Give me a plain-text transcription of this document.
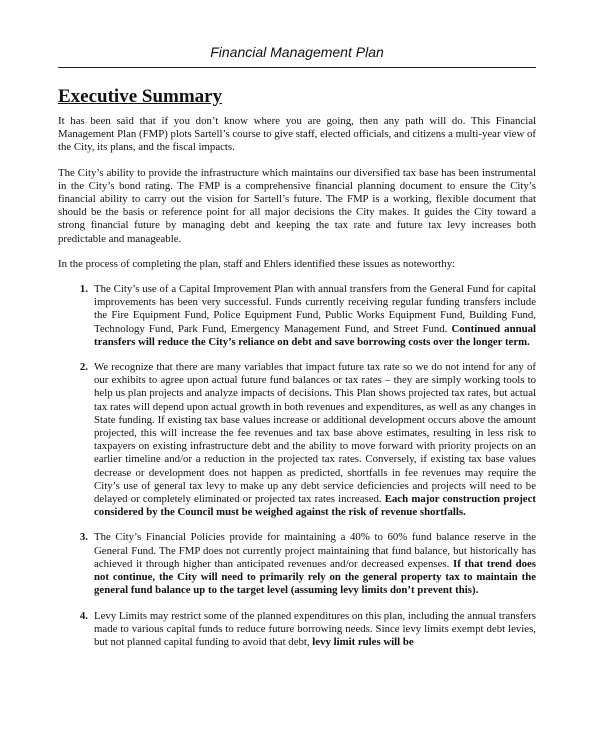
Financial Management Plan
Executive Summary

It has been said that if you don’t know where you are going, then any path will do. This Financial Management Plan (FMP) plots Sartell’s course to give staff, elected officials, and citizens a multi-year view of the City, its plans, and the fiscal impacts.

The City’s ability to provide the infrastructure which maintains our diversified tax base has been instrumental in the City’s bond rating. The FMP is a comprehensive financial planning document to ensure the City’s financial ability to carry out the vision for Sartell’s future. The FMP is a working, flexible document that should be the basis or reference point for all major decisions the City makes. It guides the City toward a strong financial future by managing debt and keeping the tax rate and future tax levy increases both predictable and manageable.

In the process of completing the plan, staff and Ehlers identified these issues as noteworthy:

1. The City’s use of a Capital Improvement Plan with annual transfers from the General Fund for capital improvements has been very successful. Funds currently receiving regular funding transfers include the Fire Equipment Fund, Police Equipment Fund, Public Works Equipment Fund, Building Fund, Technology Fund, Park Fund, Emergency Management Fund, and Street Fund. Continued annual transfers will reduce the City’s reliance on debt and save borrowing costs over the longer term.
2. We recognize that there are many variables that impact future tax rate so we do not intend for any of our exhibits to agree upon actual future fund balances or tax rates – they are simply working tools to help us plan projects and analyze impacts of decisions. This Plan shows projected tax rates, but actual tax rates will depend upon actual growth in both revenues and expenditures, as well as any changes in State funding. If existing tax base values increase or additional development occurs above the amount projected, this will increase the fee revenues and tax base above estimates, resulting in less risk to taxpayers on existing infrastructure debt and the ability to move forward with priority projects on an earlier timeline and/or a reduction in the projected tax rates. Conversely, if existing tax base values decrease or development does not happen as predicted, shortfalls in fee revenues may require the City’s use of general tax levy to make up any debt service deficiencies and projects will need to be delayed or completely eliminated or projected tax rates increased. Each major construction project considered by the Council must be weighed against the risk of revenue shortfalls.
3. The City’s Financial Policies provide for maintaining a 40% to 60% fund balance reserve in the General Fund. The FMP does not currently project maintaining that fund balance, but historically has achieved it through higher than anticipated revenues and/or decreased expenses. If that trend does not continue, the City will need to primarily rely on the general property tax to maintain the general fund balance up to the target level (assuming levy limits don’t prevent this).
4. Levy Limits may restrict some of the planned expenditures on this plan, including the annual transfers made to various capital funds to reduce future borrowing needs. Since levy limits exempt debt levies, but not planned capital funding to avoid that debt, levy limit rules will be
